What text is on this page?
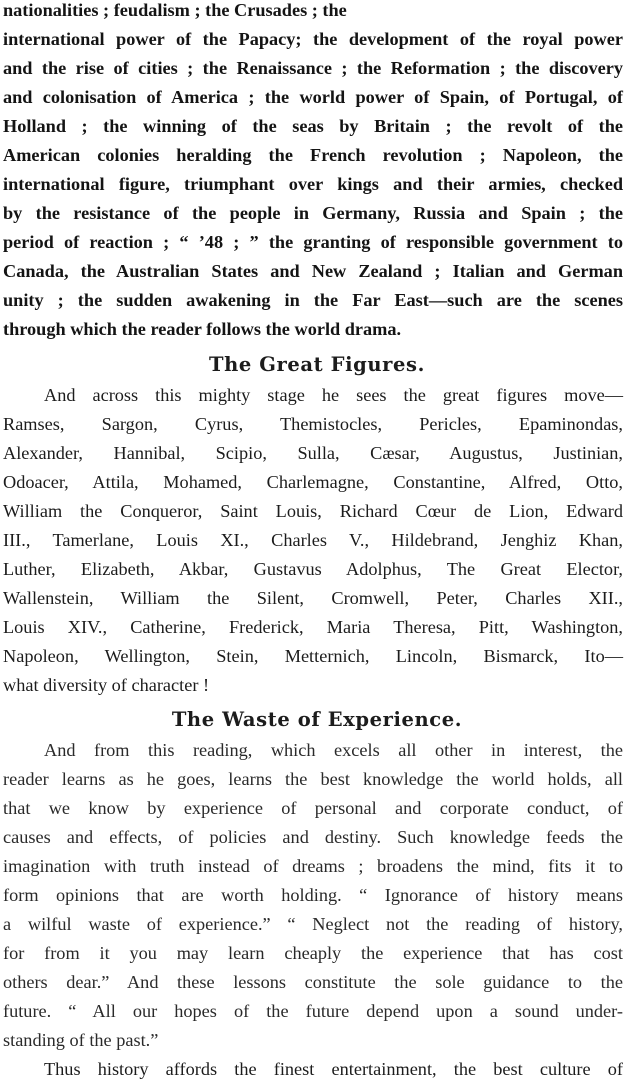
nationalities ; feudalism ; the Crusades ; the
international power of the Papacy; the development of the royal power
and the rise of cities ; the Renaissance ; the Reformation ; the discovery
and colonisation of America ; the world power of Spain, of Portugal, of
Holland ; the winning of the seas by Britain ; the revolt of the
American colonies heralding the French revolution ; Napoleon, the
international figure, triumphant over kings and their armies, checked
by the resistance of the people in Germany, Russia and Spain ; the
period of reaction ; “ ’48 ; ” the granting of responsible government to
Canada, the Australian States and New Zealand ; Italian and German
unity ; the sudden awakening in the Far East—such are the scenes
through which the reader follows the world drama.
The Great Figures.
And across this mighty stage he sees the great figures move—
Ramses, Sargon, Cyrus, Themistocles, Pericles, Epaminondas,
Alexander, Hannibal, Scipio, Sulla, Cæsar, Augustus, Justinian,
Odoacer, Attila, Mohamed, Charlemagne, Constantine, Alfred, Otto,
William the Conqueror, Saint Louis, Richard Cœur de Lion, Edward
III., Tamerlane, Louis XI., Charles V., Hildebrand, Jenghiz Khan,
Luther, Elizabeth, Akbar, Gustavus Adolphus, The Great Elector,
Wallenstein, William the Silent, Cromwell, Peter, Charles XII.,
Louis XIV., Catherine, Frederick, Maria Theresa, Pitt, Washington,
Napoleon, Wellington, Stein, Metternich, Lincoln, Bismarck, Ito—
what diversity of character !
The Waste of Experience.
And from this reading, which excels all other in interest, the
reader learns as he goes, learns the best knowledge the world holds, all
that we know by experience of personal and corporate conduct, of
causes and effects, of policies and destiny. Such knowledge feeds the
imagination with truth instead of dreams ; broadens the mind, fits it to
form opinions that are worth holding. “ Ignorance of history means
a wilful waste of experience.” “ Neglect not the reading of history,
for from it you may learn cheaply the experience that has cost
others dear.” And these lessons constitute the sole guidance to the
future. “ All our hopes of the future depend upon a sound under-
standing of the past.”
Thus history affords the finest entertainment, the best culture of
